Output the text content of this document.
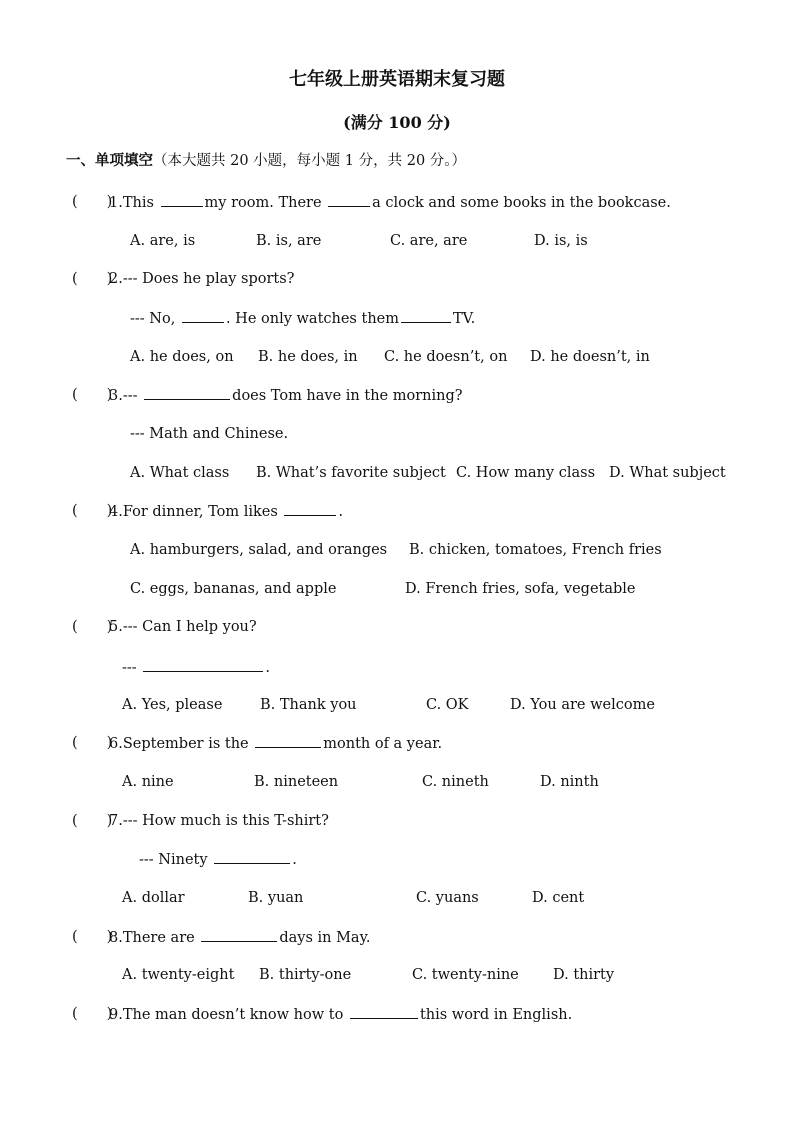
七年级上册英语期末复习题
(满分 100 分)
一、单项填空（本大题共 20 小题，每小题 1 分，共 20 分。）
(　　)
1.This	my room. There	a clock and some books in the bookcase.
A. are, is	B. is, are	C. are, are	D. is, is
(　　)
2.--- Does he play sports?
--- No,	. He only watches them	TV.
A. he does, on B. he does, in C. he doesn’t, on D. he doesn’t, in
(　　)
3.---	does Tom have in the morning?
--- Math and Chinese.
A. What class B. What’s favorite subject C. How many class D. What subject
(　　)
4.For dinner, Tom likes	.
A. hamburgers, salad, and oranges B. chicken, tomatoes, French fries
C. eggs, bananas, and apple	D. French fries, sofa, vegetable
(　　)
5.--- Can I help you?
---	.
A. Yes, please	B. Thank you	C. OK	D. You are welcome
(　　)
6.September is the	month of a year.
A. nine	B. nineteen	C. nineth	D. ninth
(　　)
7.--- How much is this T-shirt?
--- Ninety	.
A. dollar	B. yuan	C. yuans	D. cent
(　　)
8.There are	days in May.
A. twenty-eight B. thirty-one	C. twenty-nine D. thirty
(　　)
9.The man doesn’t know how to	this word in English.
